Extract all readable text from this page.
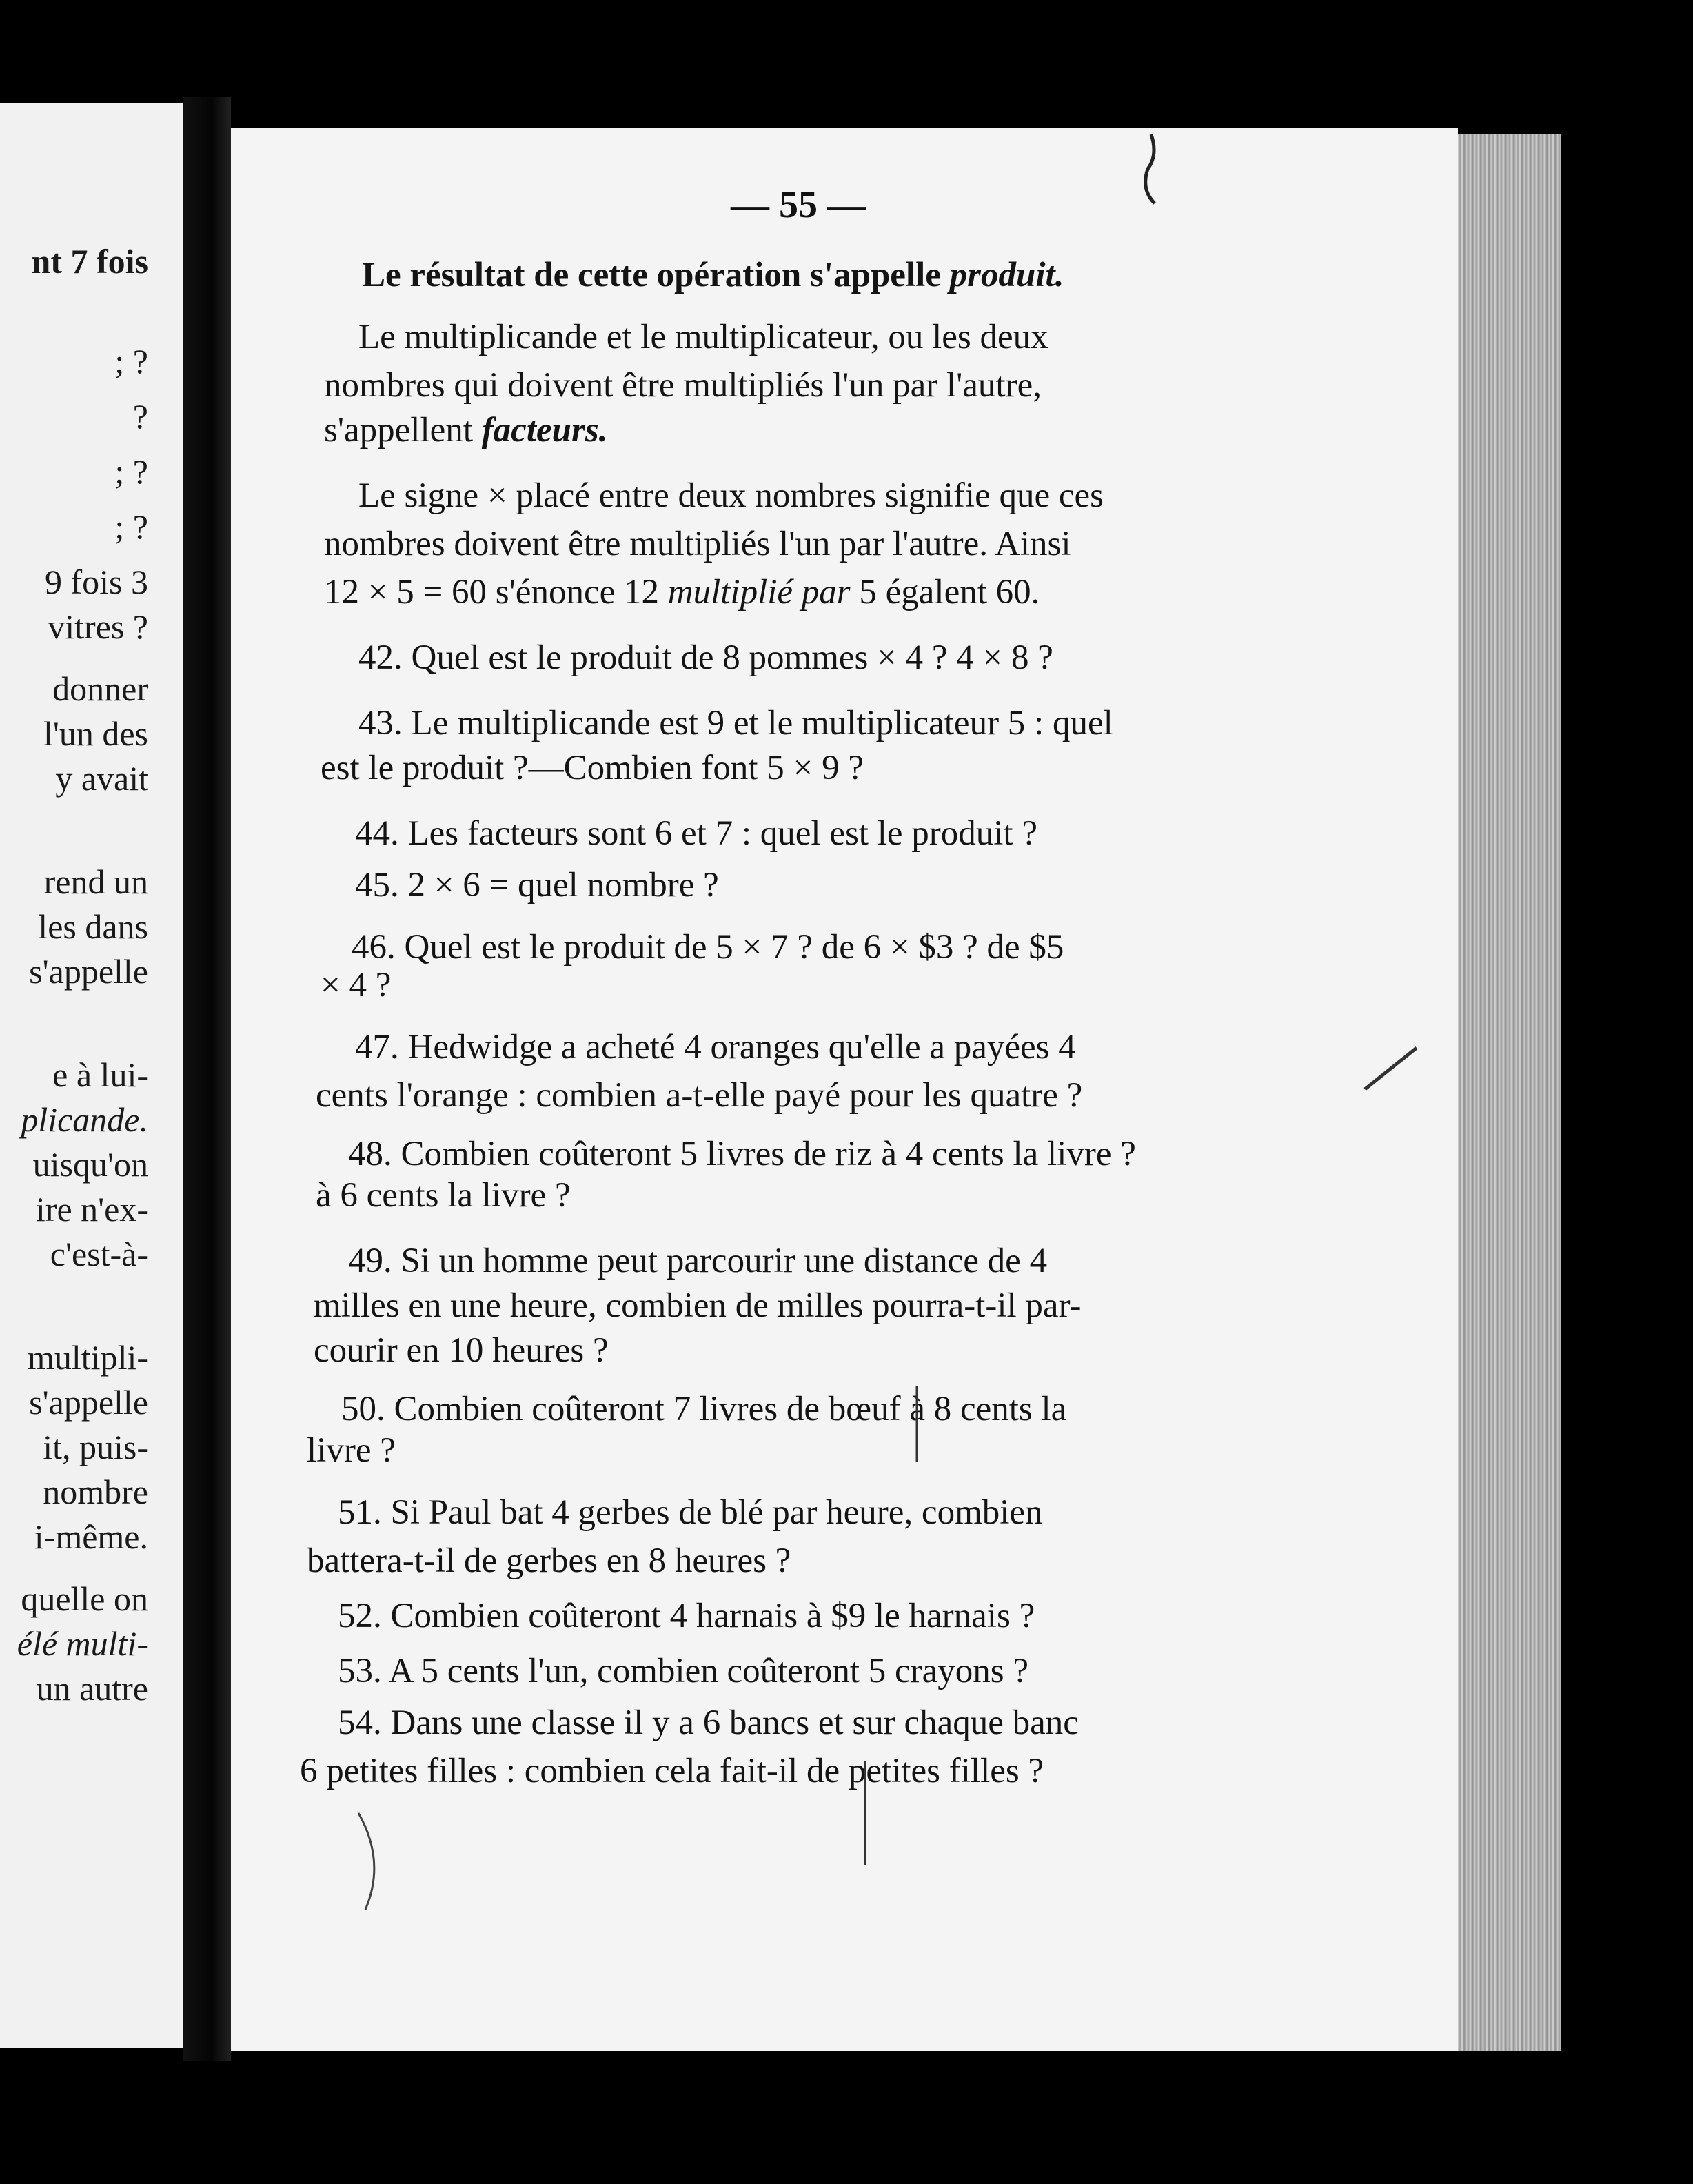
nt 7 fois
; ?
?
; ?
; ?
9 fois 3
vitres ?
donner
l'un des
y avait
rend un
les dans
s'appelle
e à lui-
plicande.
uisqu'on
ire n'ex-
c'est-à-
multipli-
s'appelle
it, puis-
nombre
i-même.
quelle on
élé multi-
un autre
— 55 —
Le résultat de cette opération s'appelle produit.
Le multiplicande et le multiplicateur, ou les deux
nombres qui doivent être multipliés l'un par l'autre,
s'appellent facteurs.
Le signe × placé entre deux nombres signifie que ces
nombres doivent être multipliés l'un par l'autre. Ainsi
12 × 5 = 60 s'énonce 12 multiplié par 5 égalent 60.
42. Quel est le produit de 8 pommes × 4 ? 4 × 8 ?
43. Le multiplicande est 9 et le multiplicateur 5 : quel
est le produit ?—Combien font 5 × 9 ?
44. Les facteurs sont 6 et 7 : quel est le produit ?
45. 2 × 6 = quel nombre ?
46. Quel est le produit de 5 × 7 ? de 6 × $3 ? de $5
× 4 ?
47. Hedwidge a acheté 4 oranges qu'elle a payées 4
cents l'orange : combien a-t-elle payé pour les quatre ?
48. Combien coûteront 5 livres de riz à 4 cents la livre ?
à 6 cents la livre ?
49. Si un homme peut parcourir une distance de 4
milles en une heure, combien de milles pourra-t-il par-
courir en 10 heures ?
50. Combien coûteront 7 livres de bœuf à 8 cents la
livre ?
51. Si Paul bat 4 gerbes de blé par heure, combien
battera-t-il de gerbes en 8 heures ?
52. Combien coûteront 4 harnais à $9 le harnais ?
53. A 5 cents l'un, combien coûteront 5 crayons ?
54. Dans une classe il y a 6 bancs et sur chaque banc
6 petites filles : combien cela fait-il de petites filles ?
